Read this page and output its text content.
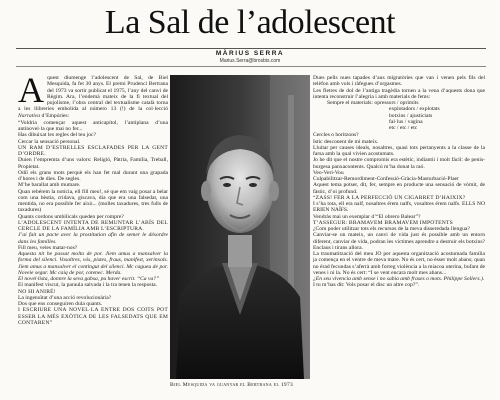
La Sal de l’adolescent
MÀRIUS SERRA
Marius.Serra@brosbis.com

Aquest diumenge l’adolescent de Sal, de Biel Mesquida, fa fet 30 anys. El premi Prudenci Bertrana del 1973 va sortir publicat el 1975, l’any del canvi de Règim. Ara, l’endemà mateix de la fi textual del pujolisme, l’obra central del textualisme català torna a les llibreries embolida al número 13 (!) de la col·lecció Narrativa d’Empúries:

“Voldria començar aquest anticapítol, l’antiplana d’una antinovel·la que mai no fer...

Has dibuixat les regles del teu joc?

Cercar la sensació personal.

UN RAM D’ESTRELLES ESCLAFADES PER LA GENT D’ORDRE.

Duien l’empremta d’uns valors: Religió, Pàtria, Família, Treball, Propietat.

Odiï els grans mots perquè els han fet mal durant una grapada d’hores i de dies. De segles.

M’he barallat amb mumare.

Quan rebérem la notícia, ell fill meu!, sé que em vaig posar a belar com una bèstia, cridava, giscava, dia que era una falsedat, una mentida, no era possible fer això... (molles taxadures, tres fulls de taxadures)

Quants cordons umbilicals queden per rompre?

L’ADOLESCENT INTENTA DE REMUNTAR L’ABÍS DEL CERCLE DE LA FAMÍLIA AMB L’ESCRIPTURA.

J’ai fait un pacte avec la prostitution afin de semer le désordre dans les familles.

Fill meu, veies matar-nos?

Aquesta nit he passat molta de por. Jíem amus a mansalver la forma del silenci. Vosaltres, vós, pistes, fraus, manifest, xerinxols. Jíem amus a mansalver el contingut del silenci. Mc cagueu de por. Noveie segur. Mc caiq de por, cotenec. Merda.

El novel·lista, donnre la seva gabsa, pu haver escrit. “Ca va?”

El manifest viscut, la paraula salvada i la tra tenen la resposta.

NO HI ANIRÉ!

La ingenuïtat d’una acció revolucionària?

Dos que ens conseguiren dula quants.

I ESCRIURE UNA NOVEL·LA ENTRE DOS COITS POT ESSER LA MÉS EXÒTICA DE LES FALSEDATS QUE EM CONTAREN”

Biel Mesquida va guanyar el Bertrana el 1973

Dues pells nues tapades d’aus migratòries que van i venen pels fils del telèfon amb vols i ràfegues d’orgasmes.

Les fletres de dol de l’antiga tragèdia tornen a la vena d’aquests dona que intenta reconstruir l’alegria i amb materials de fems:

Sempre el materials: opressors / oprimits

explotadors / explotats

botxins / ajusticiats

fal·lus / vagina

etc / etc / etc

Cercles o horitzons?

Istic desconent de mi mateix.

Lluitar per causes ideals, nosaltres, quasi tots pertanyents a la classe de la farsa amb la qual vivien acostumats.

Jo he dit que el nostre compromís era estètic, indiantii i molt fàcil: de penis-burgesa panxacontents. Qualcú m’ha donat la raó.

Veo-Veri-Vou

Culpabilitzar-Remordiment-Confessió-Gràcia-Masturbació-Plaer

Aquest tema potser, dit, fer, sempre en producte una sensació de vòmit, de fàstic, d’oi profund.

“ZASS! FER A LA PERFECCIÓ UN CIGARRET D’HAIXIX?

I s’ha tota, ell era nalf, nosaltres érem nalfs, vosaltres érem nalfs. ELLS NO ERIEN NAÏFS.

Vendràs mai un exemplar d’“El obrero Balear”?

T’ASSEGUR: BRAMAVEM BRAMAVEM IMPOTENTS

¿Com poder utilitzar tots els recursos de la meva disseredada llengua?

Canviar-se un mateix, un canvi de vida just és possible amb un entorn diferent, canviar de vida, podran les victimes aprendre a destruir els botxins? Enclaus i tirans allora.

La traumatització del meu JO per aquesta organització acostumada família ja comença en el ventre de meva mare. No és cert, no ésser molt abans; quan no érad fecundas s’aferrà amb forreg violència a la miacoa uterina, bufant de venes i ni la. No és cert: “I se vent encara molt mes abans...

¿En seu vivencia amb sense i no sabia amb frases o mots. Philippe Sollers.).

I tu m’has dit: Vols posar el disc un altre cop?”.
